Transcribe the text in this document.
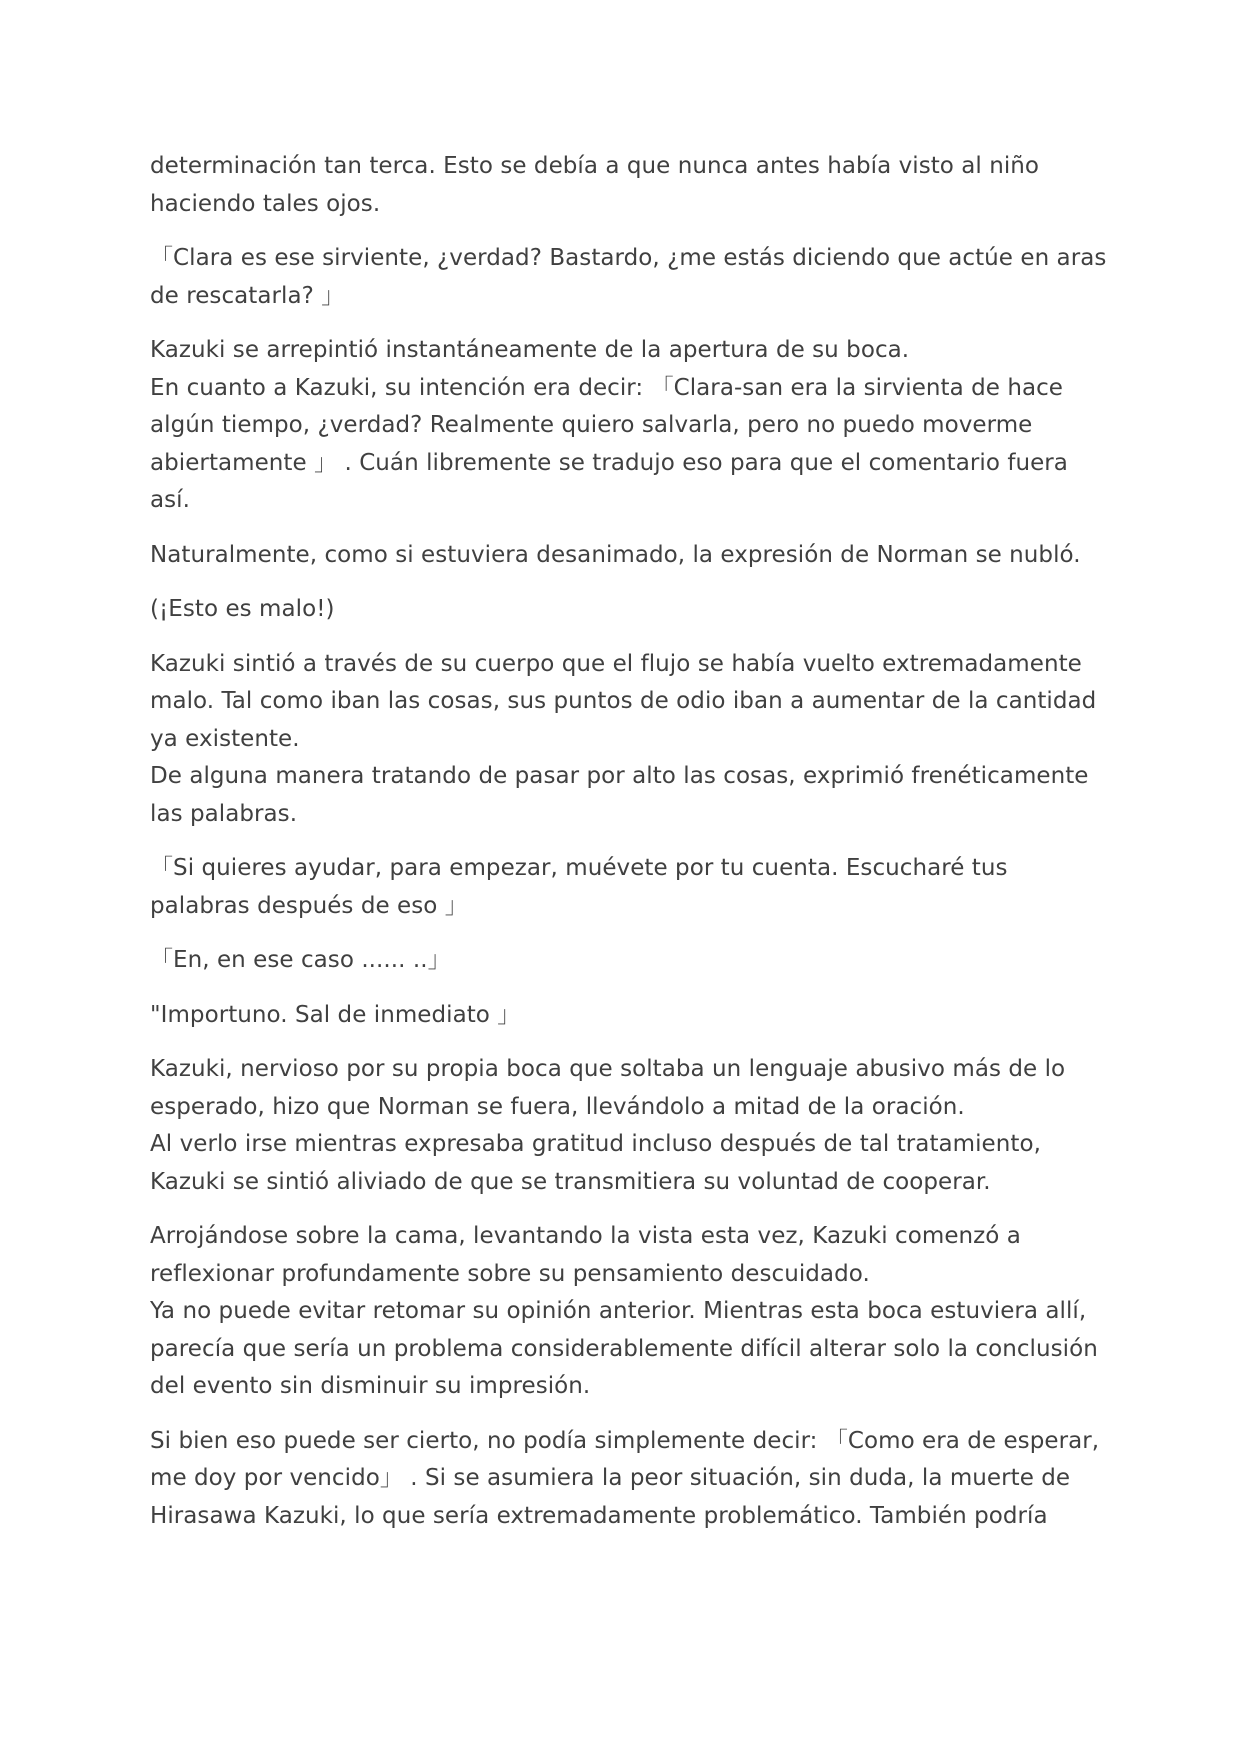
determinación tan terca. Esto se debía a que nunca antes había visto al niño
haciendo tales ojos.

「Clara es ese sirviente, ¿verdad? Bastardo, ¿me estás diciendo que actúe en aras
de rescatarla? 」

Kazuki se arrepintió instantáneamente de la apertura de su boca.
En cuanto a Kazuki, su intención era decir: 「Clara-san era la sirvienta de hace
algún tiempo, ¿verdad? Realmente quiero salvarla, pero no puedo moverme
abiertamente 」 . Cuán libremente se tradujo eso para que el comentario fuera
así.

Naturalmente, como si estuviera desanimado, la expresión de Norman se nubló.

(¡Esto es malo!)

Kazuki sintió a través de su cuerpo que el flujo se había vuelto extremadamente
malo. Tal como iban las cosas, sus puntos de odio iban a aumentar de la cantidad
ya existente.
De alguna manera tratando de pasar por alto las cosas, exprimió frenéticamente
las palabras.

「Si quieres ayudar, para empezar, muévete por tu cuenta. Escucharé tus
palabras después de eso 」

「En, en ese caso ...... ..」

"Importuno. Sal de inmediato 」

Kazuki, nervioso por su propia boca que soltaba un lenguaje abusivo más de lo
esperado, hizo que Norman se fuera, llevándolo a mitad de la oración.
Al verlo irse mientras expresaba gratitud incluso después de tal tratamiento,
Kazuki se sintió aliviado de que se transmitiera su voluntad de cooperar.

Arrojándose sobre la cama, levantando la vista esta vez, Kazuki comenzó a
reflexionar profundamente sobre su pensamiento descuidado.
Ya no puede evitar retomar su opinión anterior. Mientras esta boca estuviera allí,
parecía que sería un problema considerablemente difícil alterar solo la conclusión
del evento sin disminuir su impresión.

Si bien eso puede ser cierto, no podía simplemente decir: 「Como era de esperar,
me doy por vencido」 . Si se asumiera la peor situación, sin duda, la muerte de
Hirasawa Kazuki, lo que sería extremadamente problemático. También podría
